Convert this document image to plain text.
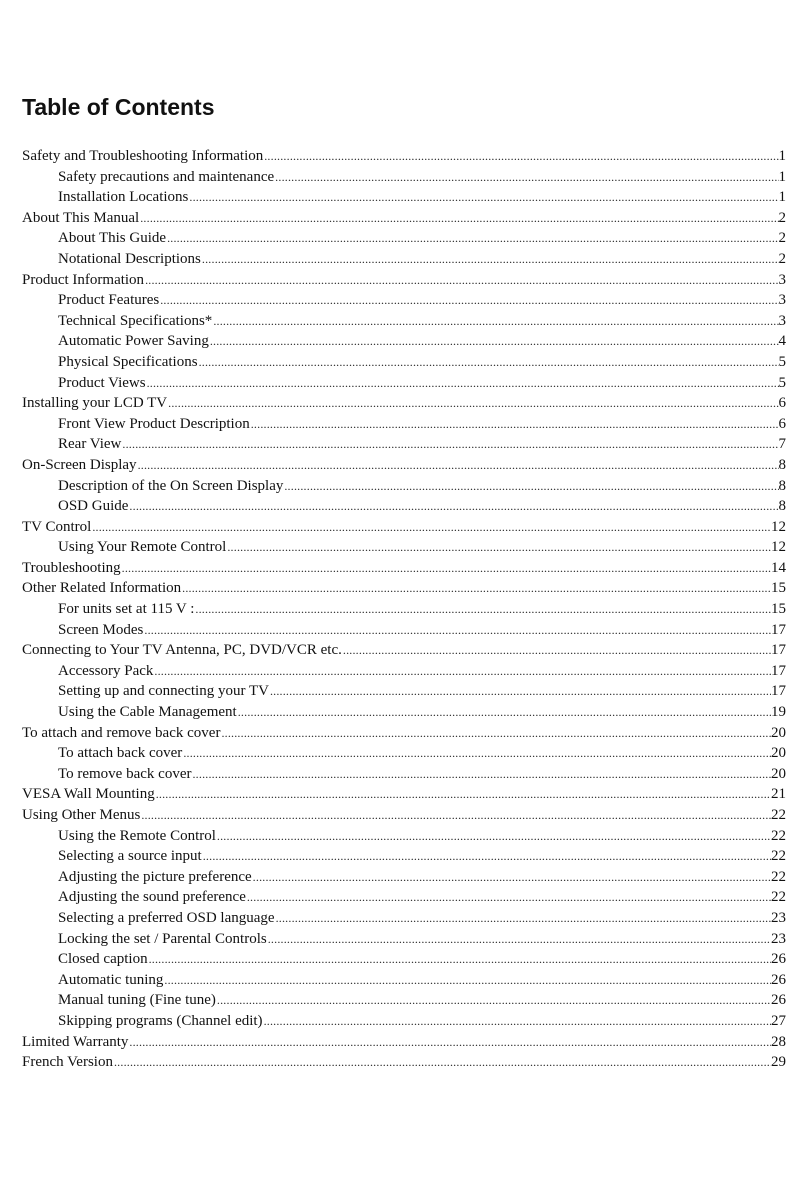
Table of Contents
Safety and Troubleshooting Information .....	1
Safety precautions and maintenance .....	1
Installation Locations .....	1
About This Manual .....	2
About This Guide .....	2
Notational Descriptions .....	2
Product Information .....	3
Product Features .....	3
Technical Specifications* .....	3
Automatic Power Saving .....	4
Physical Specifications .....	5
Product Views .....	5
Installing your LCD TV .....	6
Front View Product Description .....	6
Rear View .....	7
On-Screen Display .....	8
Description of the On Screen Display .....	8
OSD Guide .....	8
TV Control .....	12
Using Your Remote Control .....	12
Troubleshooting .....	14
Other Related Information .....	15
For units set at 115 V : .....	15
Screen Modes .....	17
Connecting to Your TV Antenna, PC, DVD/VCR etc. .....	17
Accessory Pack .....	17
Setting up and connecting your TV .....	17
Using the Cable Management .....	19
To attach and remove back cover .....	20
To attach back cover .....	20
To remove back cover .....	20
VESA Wall Mounting .....	21
Using Other Menus .....	22
Using the Remote Control .....	22
Selecting a source input .....	22
Adjusting the picture preference .....	22
Adjusting the sound preference .....	22
Selecting a preferred OSD language .....	23
Locking the set / Parental Controls .....	23
Closed caption .....	26
Automatic tuning .....	26
Manual tuning (Fine tune) .....	26
Skipping programs (Channel edit) .....	27
Limited Warranty .....	28
French Version .....	29
